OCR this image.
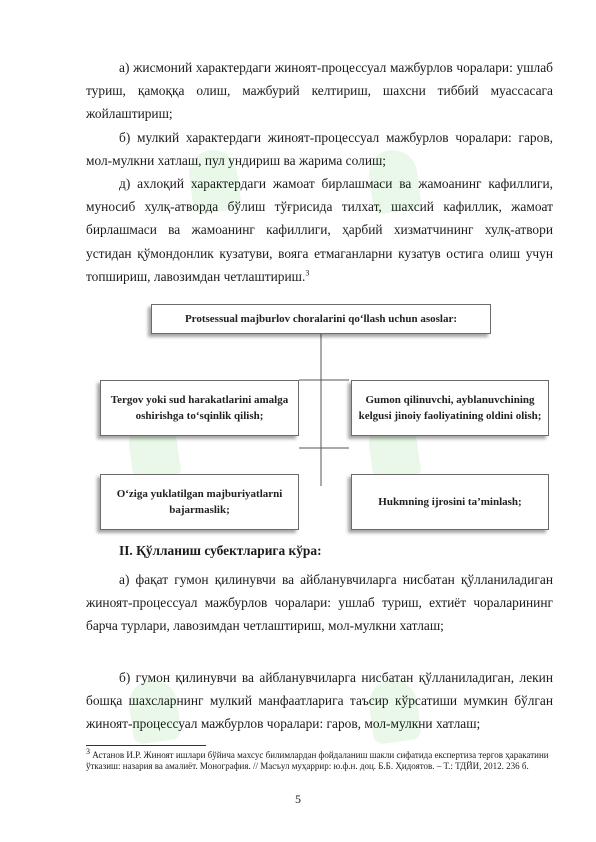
а) жисмоний характердаги жиноят-процессуал мажбурлов чоралари: ушлаб туриш, қамоққа олиш, мажбурий келтириш, шахсни тиббий муассасага жойлаштириш;

б) мулкий характердаги жиноят-процессуал мажбурлов чоралари: гаров, мол-мулкни хатлаш, пул ундириш ва жарима солиш;

д) ахлоқий характердаги жамоат бирлашмаси ва жамоанинг кафиллиги, муносиб хулқ-атворда бўлиш тўғрисида тилхат, шахсий кафиллик, жамоат бирлашмаси ва жамоанинг кафиллиги, ҳарбий хизматчининг хулқ-атвори устидан қўмондонлик кузатуви, вояга етмаганларни кузатув остига олиш учун топшириш, лавозимдан четлаштириш.$^3$

Protsessual majburlov choralarini qo‘llash uchun asoslar:
Tergov yoki sud harakatlarini amalga oshirishga to‘sqinlik qilish;
Gumon qilinuvchi, ayblanuvchining kelgusi jinoiy faoliyatining oldini olish;
O‘ziga yuklatilgan majburiyatlarni bajarmaslik;
Hukmning ijrosini ta’minlash;

II. Қўлланиш субектларига кўра:

а) фақат гумон қилинувчи ва айбланувчиларга нисбатан қўлланиладиган жиноят-процессуал мажбурлов чоралари: ушлаб туриш, ехтиёт чораларининг барча турлари, лавозимдан четлаштириш, мол-мулкни хатлаш;

б) гумон қилинувчи ва айбланувчиларга нисбатан қўлланиладиган, лекин бошқа шахсларнинг мулкий манфаатларига таъсир кўрсатиши мумкин бўлган жиноят-процессуал мажбурлов чоралари: гаров, мол-мулкни хатлаш;

$^3$ Астанов И.Р. Жиноят ишлари бўйича махсус билимлардан фойдаланиш шакли сифатида експертиза тергов ҳаракатини ўтказиш: назария ва амалиёт. Монография. // Масъул муҳаррир: ю.ф.н. доц. Б.Б. Ҳидоятов. – Т.: ТДЙИ, 2012. 236 б.

5
